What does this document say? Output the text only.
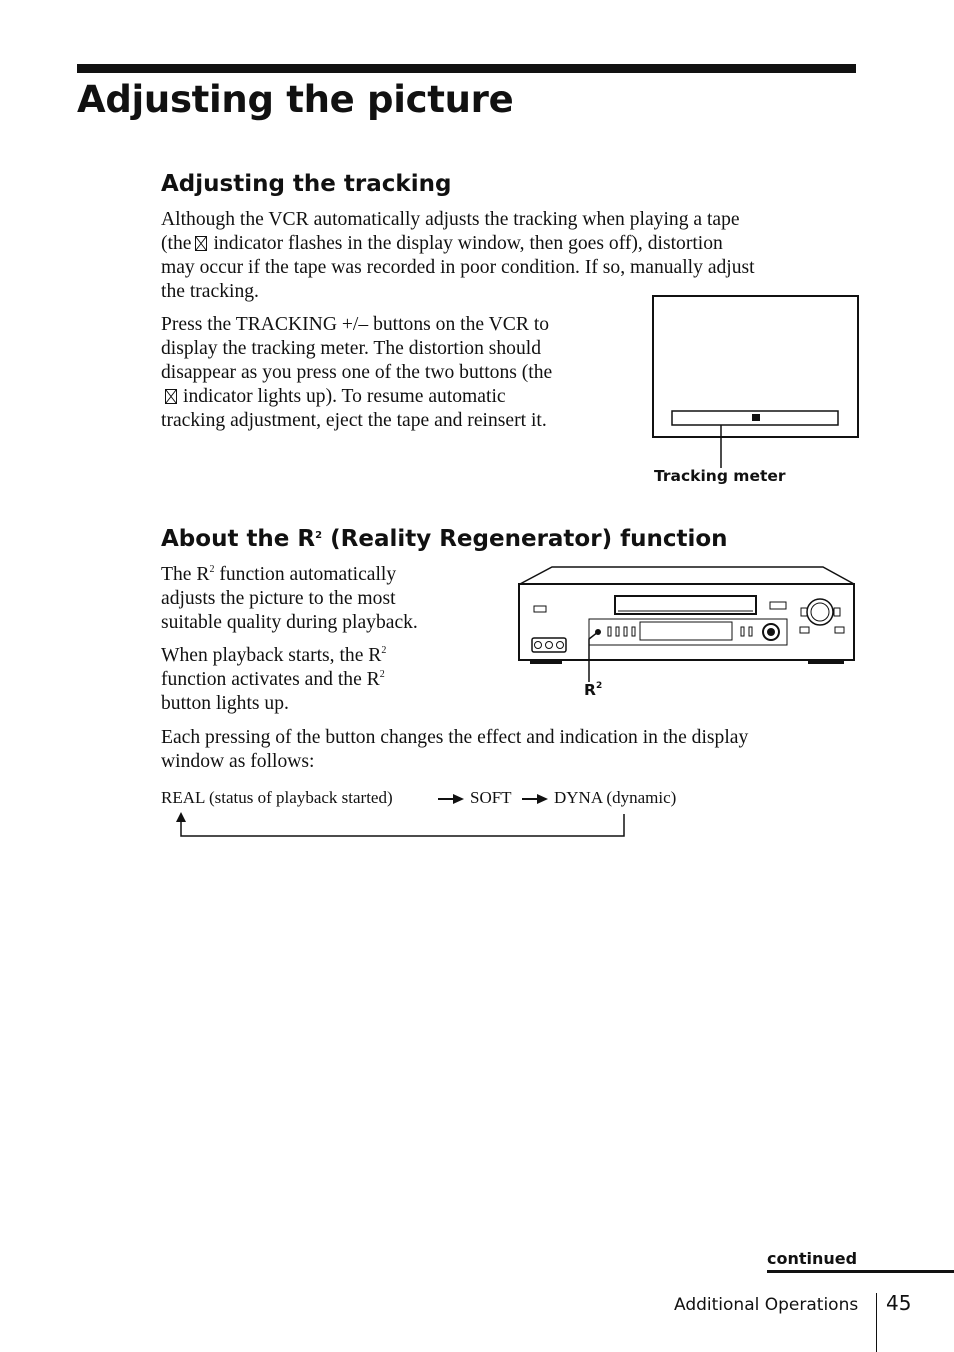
Adjusting the picture
Adjusting the tracking

Although the VCR automatically adjusts the tracking when playing a tape

(the indicator flashes in the display window, then goes off), distortion

may occur if the tape was recorded in poor condition. If so, manually adjust

the tracking.

Press the TRACKING +/– buttons on the VCR to

display the tracking meter. The distortion should

disappear as you press one of the two buttons (the

indicator lights up). To resume automatic

tracking adjustment, eject the tape and reinsert it.

Tracking meter
About the $R^2$ (Reality Regenerator) function

The $R^2$ function automatically

adjusts the picture to the most

suitable quality during playback.

When playback starts, the $R^2$

function activates and the $R^2$

button lights up.

$R^2$

Each pressing of the button changes the effect and indication in the display

window as follows:

REAL (status of playback started)	SOFT DYNA (dynamic)
continued
Additional Operations 45
